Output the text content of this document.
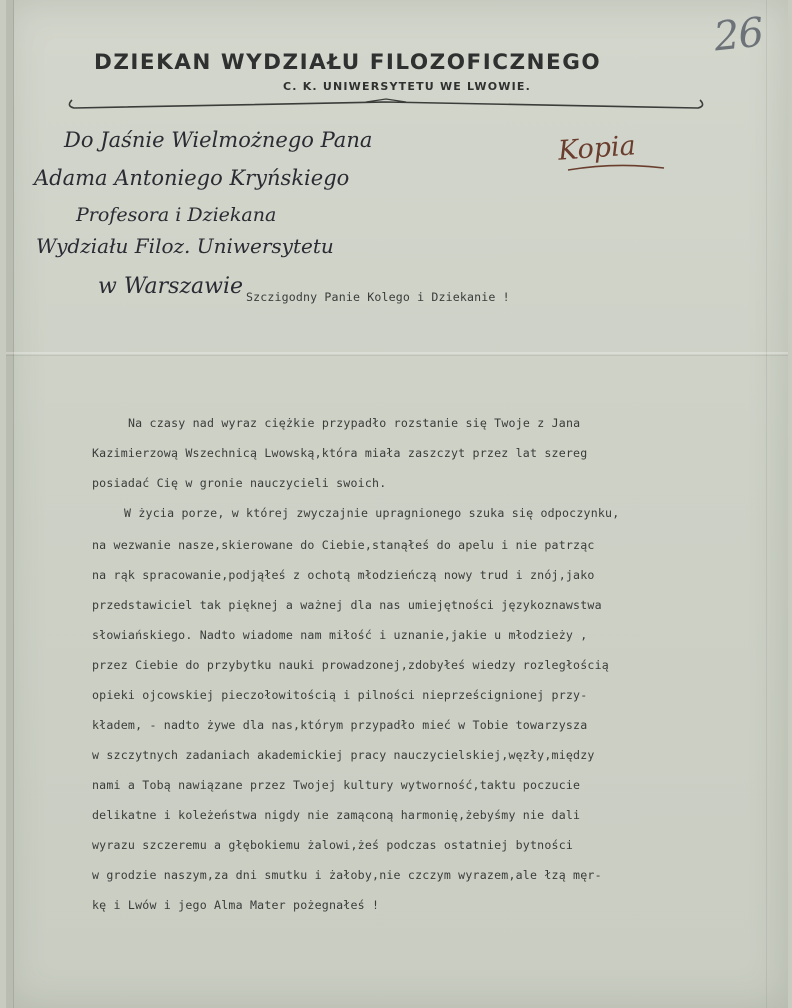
26
DZIEKAN WYDZIAŁU FILOZOFICZNEGO
C. K. UNIWERSYTETU WE LWOWIE.
Kopia
Do Jaśnie Wielmożnego Pana
Adama Antoniego Kryńskiego
Profesora i Dziekana
Wydziału Filoz. Uniwersytetu
w Warszawie Szczigodny Panie Kolego i Dziekanie !
Na czasy nad wyraz ciężkie przypadło rozstanie się Twoje z Jana
Kazimierzową Wszechnicą Lwowską,która miała zaszczyt przez lat szereg
posiadać Cię w gronie nauczycieli swoich.
W życia porze, w której zwyczajnie upragnionego szuka się odpoczynku,
na wezwanie nasze,skierowane do Ciebie,stanąłeś do apelu i nie patrząc
na rąk spracowanie,podjąłeś z ochotą młodzieńczą nowy trud i znój,jako
przedstawiciel tak pięknej a ważnej dla nas umiejętności językoznawstwa
słowiańskiego. Nadto wiadome nam miłość i uznanie,jakie u młodzieży ,
przez Ciebie do przybytku nauki prowadzonej,zdobyłeś wiedzy rozległością
opieki ojcowskiej pieczołowitością i pilności nieprześcignionej przy-
kładem, - nadto żywe dla nas,którym przypadło mieć w Tobie towarzysza
w szczytnych zadaniach akademickiej pracy nauczycielskiej,węzły,między
nami a Tobą nawiązane przez Twojej kultury wytworność,taktu poczucie
delikatne i koleżeństwa nigdy nie zamąconą harmonię,żebyśmy nie dali
wyrazu szczeremu a głębokiemu żalowi,żeś podczas ostatniej bytności
w grodzie naszym,za dni smutku i żałoby,nie czczym wyrazem,ale łzą męr-
kę i Lwów i jego Alma Mater pożegnałeś !
